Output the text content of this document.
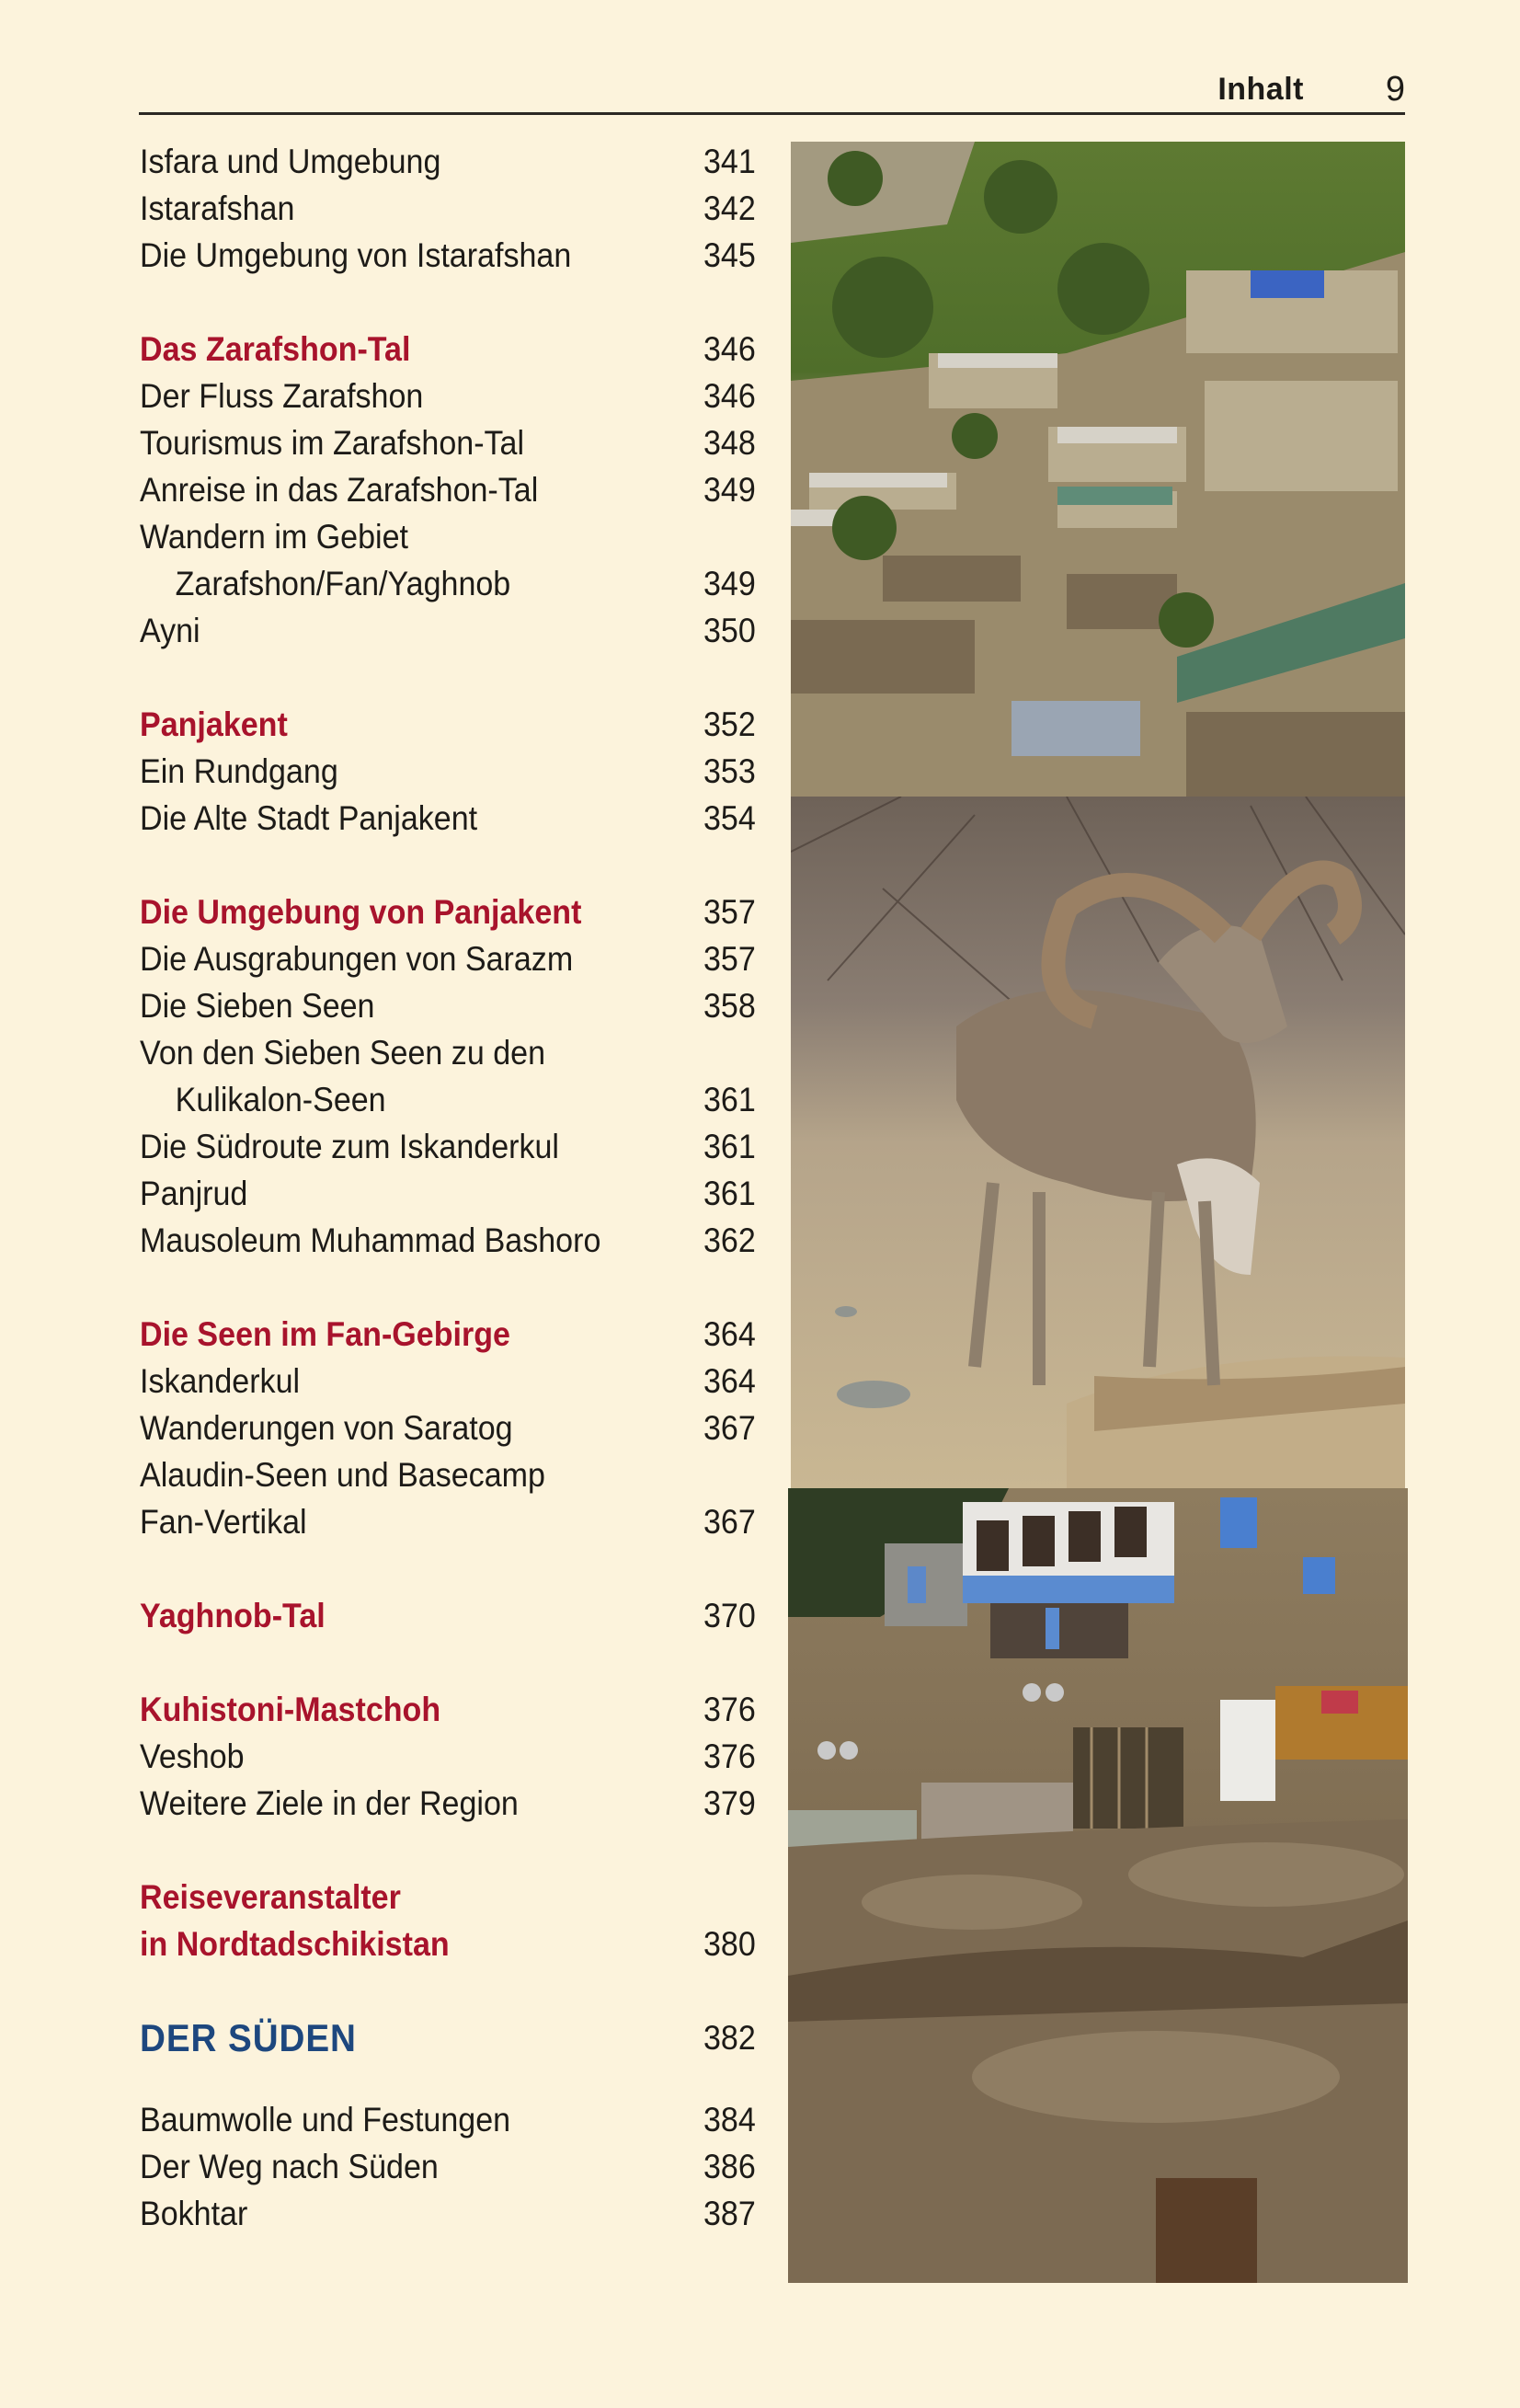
Inhalt 9
Isfara und Umgebung	341
Istarafshan	342
Die Umgebung von Istarafshan	345
Das Zarafshon-Tal	346
Der Fluss Zarafshon	346
Tourismus im Zarafshon-Tal	348
Anreise in das Zarafshon-Tal	349
Wandern im Gebiet
Zarafshon/Fan/Yaghnob	349
Ayni	350
Panjakent	352
Ein Rundgang	353
Die Alte Stadt Panjakent	354
Die Umgebung von Panjakent	357
Die Ausgrabungen von Sarazm	357
Die Sieben Seen	358
Von den Sieben Seen zu den
Kulikalon-Seen	361
Die Südroute zum Iskanderkul	361
Panjrud	361
Mausoleum Muhammad Bashoro	362
Die Seen im Fan-Gebirge	364
Iskanderkul	364
Wanderungen von Saratog	367
Alaudin-Seen und Basecamp
Fan-Vertikal	367
Yaghnob-Tal	370
Kuhistoni-Mastchoh	376
Veshob	376
Weitere Ziele in der Region	379
Reiseveranstalter
in Nordtadschikistan	380
DER SÜDEN	382
Baumwolle und Festungen	384
Der Weg nach Süden	386
Bokhtar	387
